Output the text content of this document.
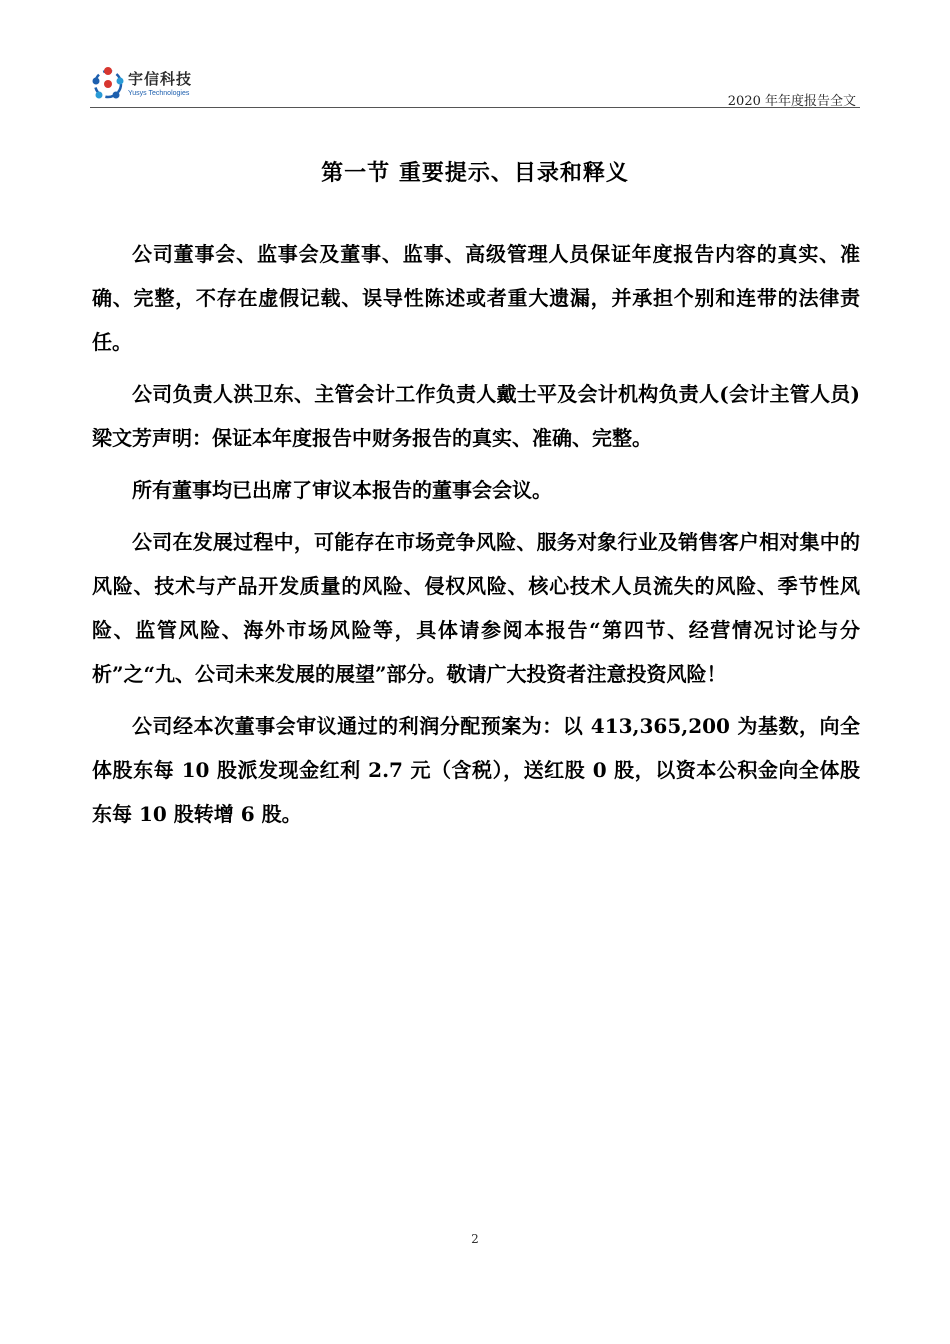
宇信科技
Yusys Technologies
2020 年年度报告全文
第一节 重要提示、目录和释义

公司董事会、监事会及董事、监事、高级管理人员保证年度报告内容的真实、准确、完整，不存在虚假记载、误导性陈述或者重大遗漏，并承担个别和连带的法律责任。

公司负责人洪卫东、主管会计工作负责人戴士平及会计机构负责人(会计主管人员)梁文芳声明：保证本年度报告中财务报告的真实、准确、完整。

所有董事均已出席了审议本报告的董事会会议。

公司在发展过程中，可能存在市场竞争风险、服务对象行业及销售客户相对集中的风险、技术与产品开发质量的风险、侵权风险、核心技术人员流失的风险、季节性风险、监管风险、海外市场风险等，具体请参阅本报告“第四节、经营情况讨论与分析”之“九、公司未来发展的展望”部分。敬请广大投资者注意投资风险！

公司经本次董事会审议通过的利润分配预案为：以 413,365,200 为基数，向全体股东每 10 股派发现金红利 2.7 元（含税），送红股 0 股，以资本公积金向全体股东每 10 股转增 6 股。

2
